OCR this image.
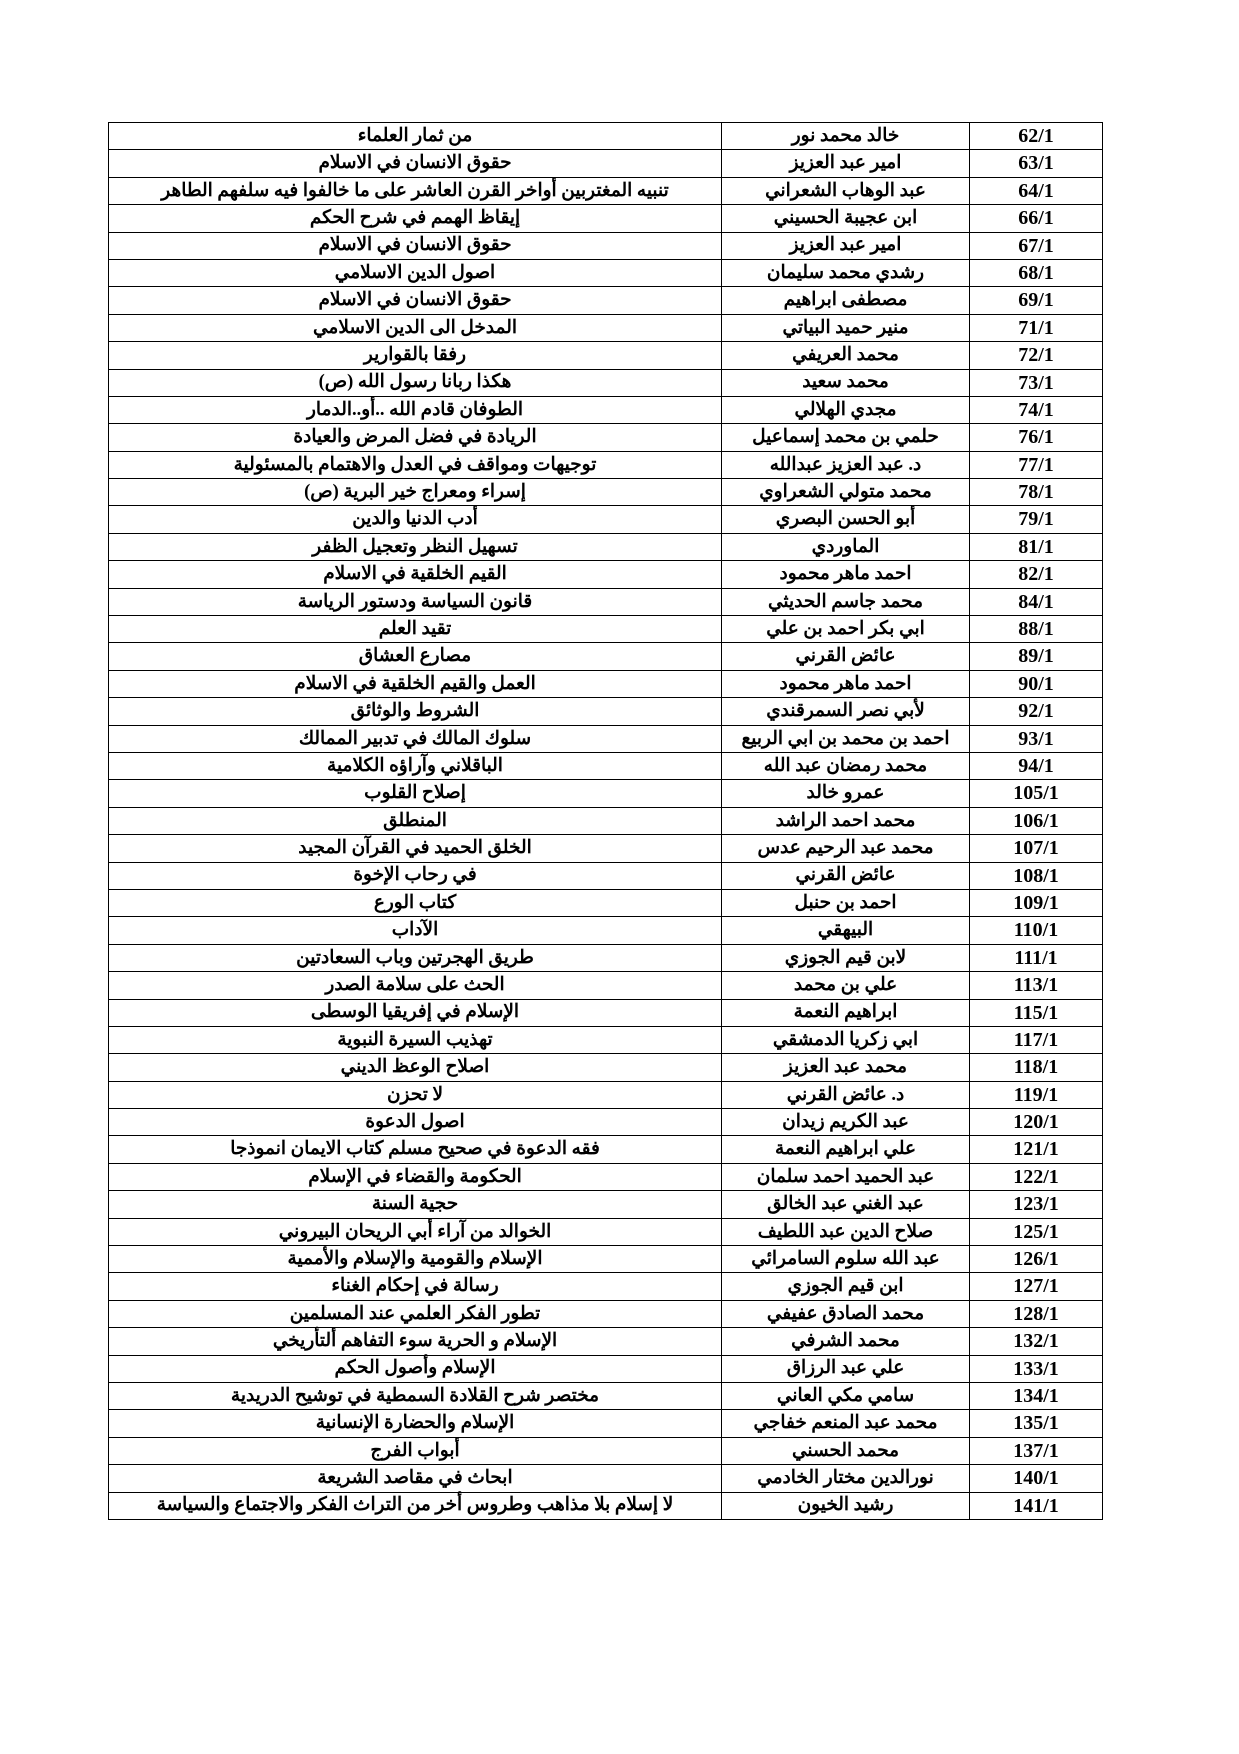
62/1	خالد محمد نور	من ثمار العلماء
63/1	امير عبد العزيز	حقوق الانسان في الاسلام
64/1	عبد الوهاب الشعراني	تنبيه المغتربين أواخر القرن العاشر على ما خالفوا فيه سلفهم الطاهر
66/1	ابن عجيبة الحسيني	إيقاظ الهمم في شرح الحكم
67/1	امير عبد العزيز	حقوق الانسان في الاسلام
68/1	رشدي محمد سليمان	اصول الدين الاسلامي
69/1	مصطفى ابراهيم	حقوق الانسان في الاسلام
71/1	منير حميد البياتي	المدخل الى الدين الاسلامي
72/1	محمد العريفي	رفقا بالقوارير
73/1	محمد سعيد	هكذا ربانا رسول الله (ص)
74/1	مجدي الهلالي	الطوفان قادم الله ..أو..الدمار
76/1	حلمي بن محمد إسماعيل	الريادة في فضل المرض والعيادة
77/1	د. عبد العزيز عبدالله	توجيهات ومواقف في العدل والاهتمام بالمسئولية
78/1	محمد متولي الشعراوي	إسراء ومعراج خير البرية (ص)
79/1	أبو الحسن البصري	أدب الدنيا والدين
81/1	الماوردي	تسهيل النظر وتعجيل الظفر
82/1	احمد ماهر محمود	القيم الخلقية في الاسلام
84/1	محمد جاسم الحديثي	قانون السياسة ودستور الرياسة
88/1	ابي بكر احمد بن علي	تقيد العلم
89/1	عائض القرني	مصارع العشاق
90/1	احمد ماهر محمود	العمل والقيم الخلقية في الاسلام
92/1	لأبي نصر السمرقندي	الشروط والوثائق
93/1	احمد بن محمد بن ابي الربيع	سلوك المالك في تدبير الممالك
94/1	محمد رمضان عبد الله	الباقلاني وآراؤه الكلامية
105/1	عمرو خالد	إصلاح القلوب
106/1	محمد احمد الراشد	المنطلق
107/1	محمد عبد الرحيم عدس	الخلق الحميد في القرآن المجيد
108/1	عائض القرني	في رحاب الإخوة
109/1	احمد بن حنبل	كتاب الورع
110/1	البيهقي	الآداب
111/1	لابن قيم الجوزي	طريق الهجرتين وباب السعادتين
113/1	علي بن محمد	الحث على سلامة الصدر
115/1	ابراهيم النعمة	الإسلام في إفريقيا الوسطى
117/1	ابي زكريا الدمشقي	تهذيب السيرة النبوية
118/1	محمد عبد العزيز	اصلاح الوعظ الديني
119/1	د. عائض القرني	لا تحزن
120/1	عبد الكريم زيدان	اصول الدعوة
121/1	علي ابراهيم النعمة	فقه الدعوة في صحيح مسلم كتاب الايمان انموذجا
122/1	عبد الحميد احمد سلمان	الحكومة والقضاء في الإسلام
123/1	عبد الغني عبد الخالق	حجية السنة
125/1	صلاح الدين عبد اللطيف	الخوالد من آراء أبي الريحان البيروني
126/1	عبد الله سلوم السامرائي	الإسلام والقومية والإسلام والأممية
127/1	ابن قيم الجوزي	رسالة في إحكام الغناء
128/1	محمد الصادق عفيفي	تطور الفكر العلمي عند المسلمين
132/1	محمد الشرفي	الإسلام و الحرية سوء التفاهم ألتأريخي
133/1	علي عبد الرزاق	الإسلام وأصول الحكم
134/1	سامي مكي العاني	مختصر شرح القلادة السمطية في توشيح الدريدية
135/1	محمد عبد المنعم خفاجي	الإسلام والحضارة الإنسانية
137/1	محمد الحسني	أبواب الفرج
140/1	نورالدين مختار الخادمي	ابحاث في مقاصد الشريعة
141/1	رشيد الخيون	لا إسلام بلا مذاهب وطروس أخر من التراث الفكر والاجتماع والسياسة
